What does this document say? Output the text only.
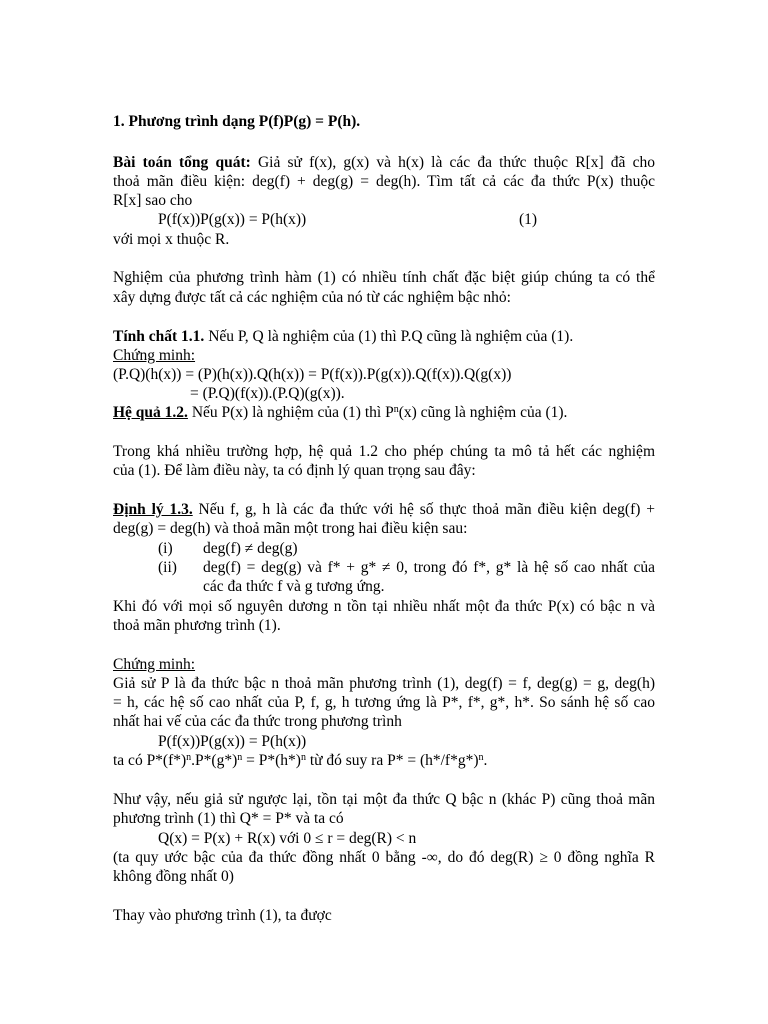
1. Phương trình dạng P(f)P(g) = P(h).
Bài toán tổng quát: Giả sử f(x), g(x) và h(x) là các đa thức thuộc R[x] đã cho
thoả mãn điều kiện: deg(f) + deg(g) = deg(h). Tìm tất cả các đa thức P(x) thuộc
R[x] sao cho
P(f(x))P(g(x)) = P(h(x))	(1)
với mọi x thuộc R.
Nghiệm của phương trình hàm (1) có nhiều tính chất đặc biệt giúp chúng ta có thể
xây dựng được tất cả các nghiệm của nó từ các nghiệm bậc nhỏ:
Tính chất 1.1. Nếu P, Q là nghiệm của (1) thì P.Q cũng là nghiệm của (1).
Chứng minh:
(P.Q)(h(x)) = (P)(h(x)).Q(h(x)) = P(f(x)).P(g(x)).Q(f(x)).Q(g(x))
= (P.Q)(f(x)).(P.Q)(g(x)).
Hệ quả 1.2. Nếu P(x) là nghiệm của (1) thì $P^n(x)$ cũng là nghiệm của (1).
Trong khá nhiều trường hợp, hệ quả 1.2 cho phép chúng ta mô tả hết các nghiệm
của (1). Để làm điều này, ta có định lý quan trọng sau đây:
Định lý 1.3. Nếu f, g, h là các đa thức với hệ số thực thoả mãn điều kiện deg(f) +
deg(g) = deg(h) và thoả mãn một trong hai điều kiện sau:
(i) deg(f) ≠ deg(g)
(ii) deg(f) = deg(g) và f* + g* ≠ 0, trong đó f*, g* là hệ số cao nhất của
các đa thức f và g tương ứng.
Khi đó với mọi số nguyên dương n tồn tại nhiều nhất một đa thức P(x) có bậc n và
thoả mãn phương trình (1).
Chứng minh:
Giả sử P là đa thức bậc n thoả mãn phương trình (1), deg(f) = f, deg(g) = g, deg(h)
= h, các hệ số cao nhất của P, f, g, h tương ứng là P*, f*, g*, h*. So sánh hệ số cao
nhất hai vế của các đa thức trong phương trình
P(f(x))P(g(x)) = P(h(x))
ta có $P*(f*)^n.P*(g*)^n = P*(h*)^n$ từ đó suy ra $P* = (h*/f*g*)^n$.
Như vậy, nếu giả sử ngược lại, tồn tại một đa thức Q bậc n (khác P) cũng thoả mãn
phương trình (1) thì Q* = P* và ta có
Q(x) = P(x) + R(x) với 0 ≤ r = deg(R) < n
(ta quy ước bậc của đa thức đồng nhất 0 bằng -∞, do đó deg(R) ≥ 0 đồng nghĩa R
không đồng nhất 0)
Thay vào phương trình (1), ta được
